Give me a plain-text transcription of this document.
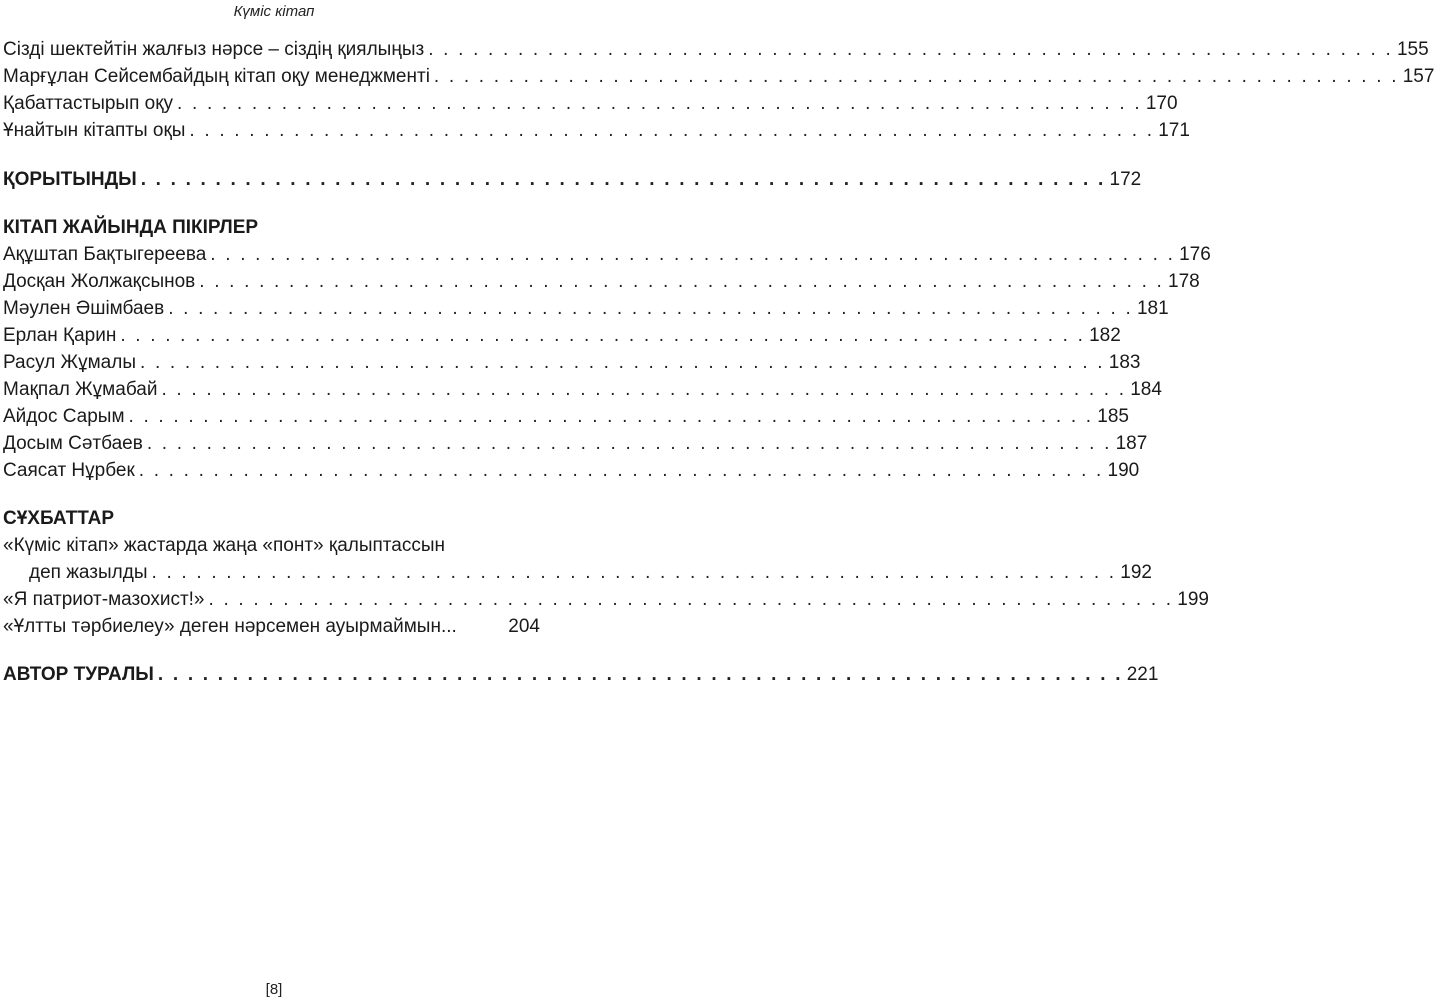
Күміс кітап
Сізді шектейтін жалғыз нәрсе – сіздің қиялыңыз . . . . . . . . . . . . . . . . . . . . . . . . . . . . . . . . . . . . . . . . . . . . . . . . . . . . . . . . . . . . . . . . . 155
Марғұлан Сейсембайдың кітап оқу менеджменті . . . . . . . . . . . . . . . . . . . . . . . . . . . . . . . . . . . . . . . . . . . . . . . . . . . . . . . . . . . . . . . . . 157
Қабаттастырып оқу . . . . . . . . . . . . . . . . . . . . . . . . . . . . . . . . . . . . . . . . . . . . . . . . . . . . . . . . . . . . . . . . . 170
Ұнайтын кітапты оқы . . . . . . . . . . . . . . . . . . . . . . . . . . . . . . . . . . . . . . . . . . . . . . . . . . . . . . . . . . . . . . . . . 171
ҚОРЫТЫНДЫ . . . . . . . . . . . . . . . . . . . . . . . . . . . . . . . . . . . . . . . . . . . . . . . . . . . . . . . . . . . . . . . . . 172
КІТАП ЖАЙЫНДА ПІКІРЛЕР
Ақұштап Бақтыгереева . . . . . . . . . . . . . . . . . . . . . . . . . . . . . . . . . . . . . . . . . . . . . . . . . . . . . . . . . . . . . . . . . 176
Досқан Жолжақсынов . . . . . . . . . . . . . . . . . . . . . . . . . . . . . . . . . . . . . . . . . . . . . . . . . . . . . . . . . . . . . . . . . 178
Мәулен Әшімбаев . . . . . . . . . . . . . . . . . . . . . . . . . . . . . . . . . . . . . . . . . . . . . . . . . . . . . . . . . . . . . . . . . 181
Ерлан Қарин . . . . . . . . . . . . . . . . . . . . . . . . . . . . . . . . . . . . . . . . . . . . . . . . . . . . . . . . . . . . . . . . . 182
Расул Жұмалы . . . . . . . . . . . . . . . . . . . . . . . . . . . . . . . . . . . . . . . . . . . . . . . . . . . . . . . . . . . . . . . . . 183
Мақпал Жұмабай . . . . . . . . . . . . . . . . . . . . . . . . . . . . . . . . . . . . . . . . . . . . . . . . . . . . . . . . . . . . . . . . . 184
Айдос Сарым . . . . . . . . . . . . . . . . . . . . . . . . . . . . . . . . . . . . . . . . . . . . . . . . . . . . . . . . . . . . . . . . . 185
Досым Сәтбаев . . . . . . . . . . . . . . . . . . . . . . . . . . . . . . . . . . . . . . . . . . . . . . . . . . . . . . . . . . . . . . . . . 187
Саясат Нұрбек . . . . . . . . . . . . . . . . . . . . . . . . . . . . . . . . . . . . . . . . . . . . . . . . . . . . . . . . . . . . . . . . . 190
СҰХБАТТАР
«Күміс кітап» жастарда жаңа «понт» қалыптассын
деп жазылды . . . . . . . . . . . . . . . . . . . . . . . . . . . . . . . . . . . . . . . . . . . . . . . . . . . . . . . . . . . . . . . . . 192
«Я патриот-мазохист!» . . . . . . . . . . . . . . . . . . . . . . . . . . . . . . . . . . . . . . . . . . . . . . . . . . . . . . . . . . . . . . . . . 199
«Ұлтты тәрбиелеу» деген нәрсемен ауырмаймын...	204
АВТОР ТУРАЛЫ . . . . . . . . . . . . . . . . . . . . . . . . . . . . . . . . . . . . . . . . . . . . . . . . . . . . . . . . . . . . . . . . . 221
[8]
